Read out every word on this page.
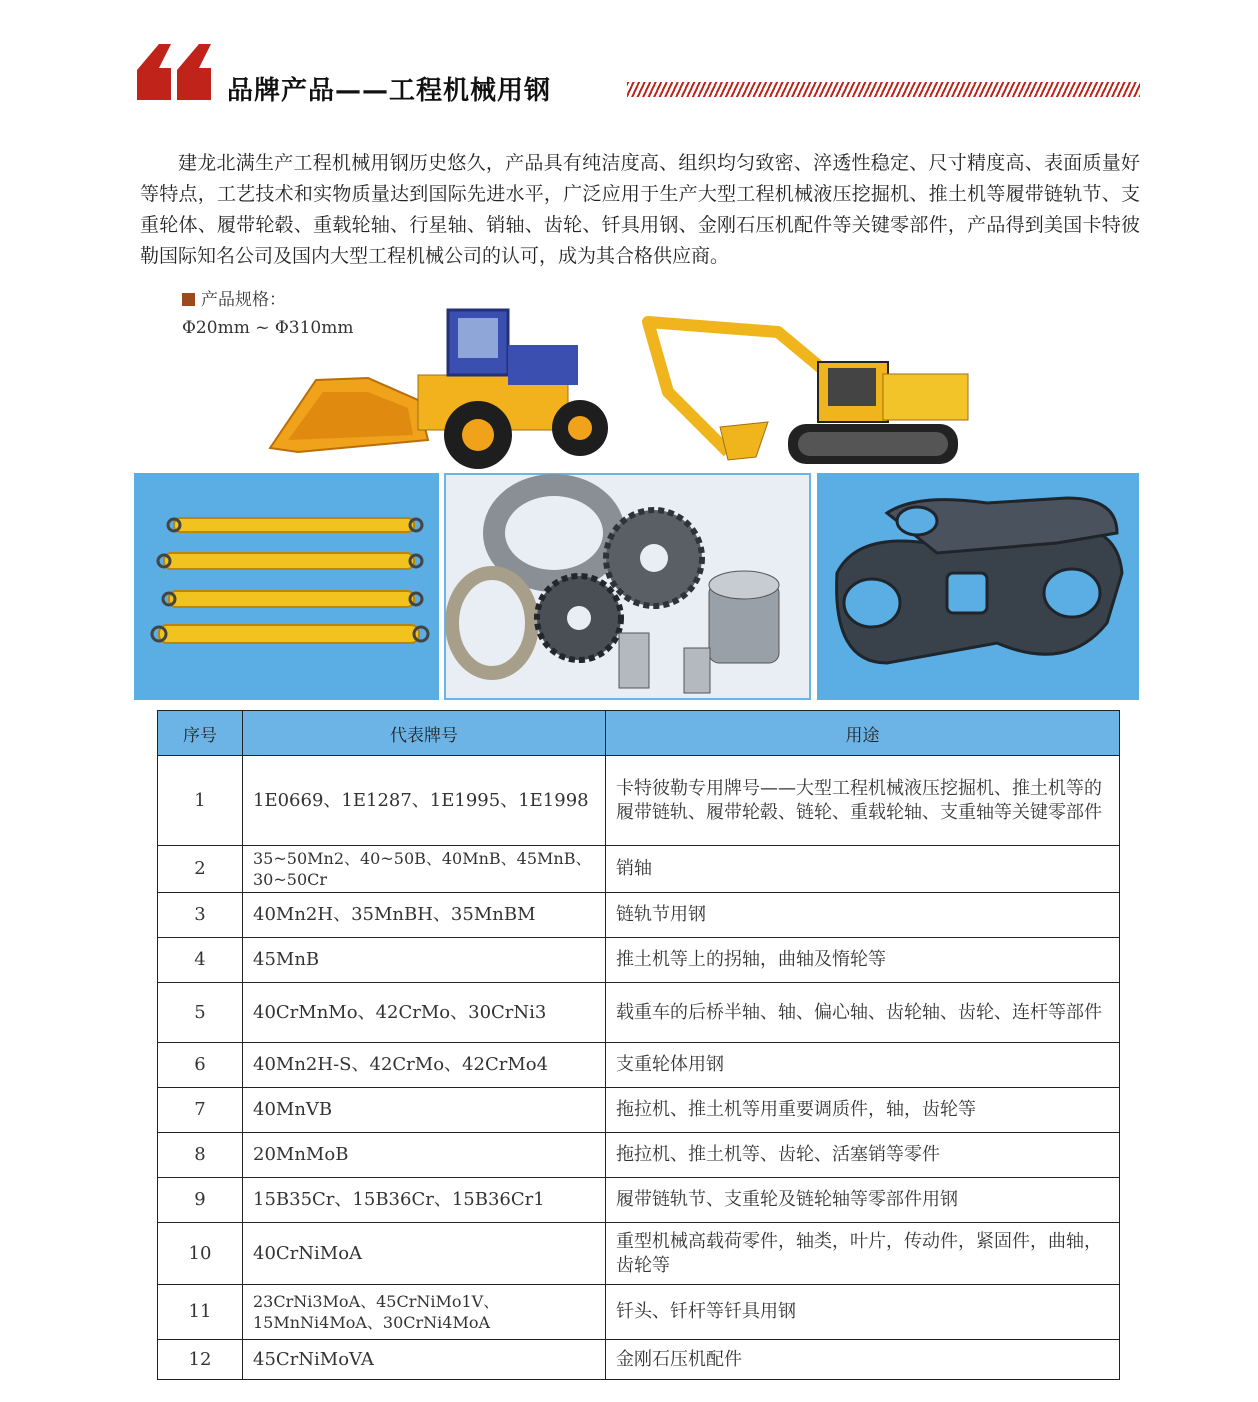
品牌产品——工程机械用钢

建龙北满生产工程机械用钢历史悠久，产品具有纯洁度高、组织均匀致密、淬透性稳定、尺寸精度高、表面质量好等特点，工艺技术和实物质量达到国际先进水平，广泛应用于生产大型工程机械液压挖掘机、推土机等履带链轨节、支重轮体、履带轮毂、重载轮轴、行星轴、销轴、齿轮、钎具用钢、金刚石压机配件等关键零部件，产品得到美国卡特彼勒国际知名公司及国内大型工程机械公司的认可，成为其合格供应商。

产品规格：
Φ20mm ~ Φ310mm
序号	代表牌号	用途
1	1E0669、1E1287、1E1995、1E1998	卡特彼勒专用牌号——大型工程机械液压挖掘机、推土机等的履带链轨、履带轮毂、链轮、重载轮轴、支重轴等关键零部件
2	35~50Mn2、40~50B、40MnB、45MnB、30~50Cr	销轴
3	40Mn2H、35MnBH、35MnBM	链轨节用钢
4	45MnB	推土机等上的拐轴，曲轴及惰轮等
5	40CrMnMo、42CrMo、30CrNi3	载重车的后桥半轴、轴、偏心轴、齿轮轴、齿轮、连杆等部件
6	40Mn2H-S、42CrMo、42CrMo4	支重轮体用钢
7	40MnVB	拖拉机、推土机等用重要调质件，轴，齿轮等
8	20MnMoB	拖拉机、推土机等、齿轮、活塞销等零件
9	15B35Cr、15B36Cr、15B36Cr1	履带链轨节、支重轮及链轮轴等零部件用钢
10	40CrNiMoA	重型机械高载荷零件，轴类，叶片，传动件，紧固件，曲轴，齿轮等
11	23CrNi3MoA、45CrNiMo1V、15MnNi4MoA、30CrNi4MoA	钎头、钎杆等钎具用钢
12	45CrNiMoVA	金刚石压机配件
